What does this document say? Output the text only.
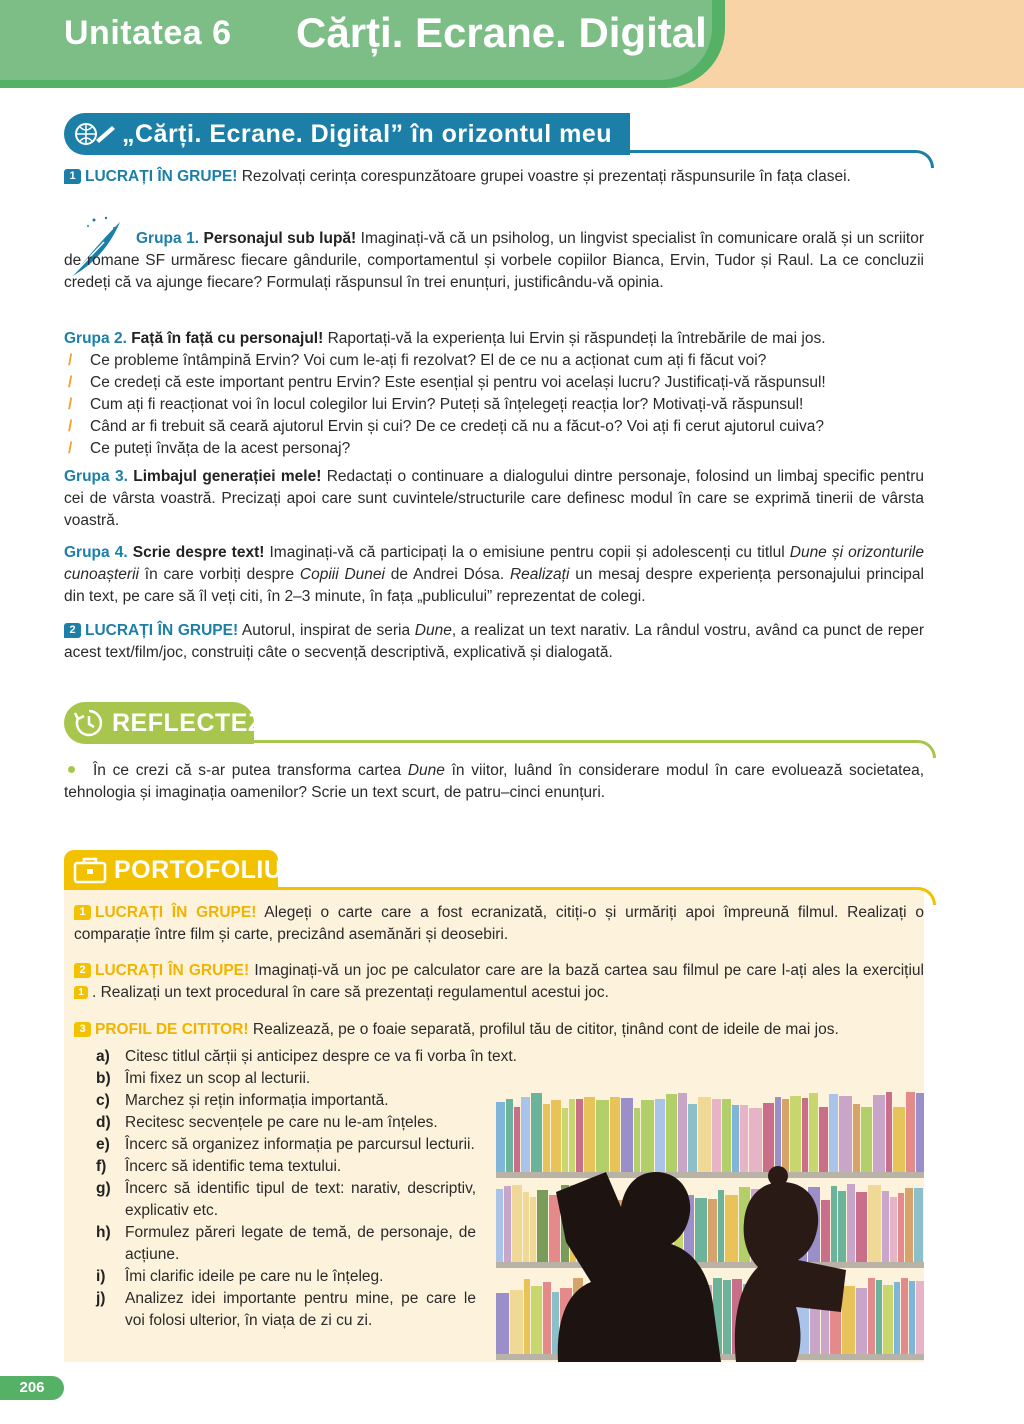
Unitatea 6 Cărți. Ecrane. Digital
„Cărți. Ecrane. Digital” în orizontul meu
1 LUCRAȚI ÎN GRUPE! Rezolvați cerința corespunzătoare grupei voastre și prezentați răspunsurile în fața clasei.
Grupa 1. Personajul sub lupă! Imaginați-vă că un psiholog, un lingvist specialist în comunicare orală și un scriitor de romane SF urmăresc fiecare gândurile, comportamentul și vorbele copiilor Bianca, Ervin, Tudor și Raul. La ce concluzii credeți că va ajunge fiecare? Formulați răspunsul în trei enunțuri, justificându-vă opinia.
Grupa 2. Față în față cu personajul! Raportați-vă la experiența lui Ervin și răspundeți la întrebările de mai jos.
/ Ce probleme întâmpină Ervin? Voi cum le-ați fi rezolvat? El de ce nu a acționat cum ați fi făcut voi?
/ Ce credeți că este important pentru Ervin? Este esențial și pentru voi același lucru? Justificați-vă răspunsul!
/ Cum ați fi reacționat voi în locul colegilor lui Ervin? Puteți să înțelegeți reacția lor? Motivați-vă răspunsul!
/ Când ar fi trebuit să ceară ajutorul Ervin și cui? De ce credeți că nu a făcut-o? Voi ați fi cerut ajutorul cuiva?
/ Ce puteți învăța de la acest personaj?
Grupa 3. Limbajul generației mele! Redactați o continuare a dialogului dintre personaje, folosind un limbaj specific pentru cei de vârsta voastră. Precizați apoi care sunt cuvintele/structurile care definesc modul în care se exprimă tinerii de vârsta voastră.
Grupa 4. Scrie despre text! Imaginați-vă că participați la o emisiune pentru copii și adolescenți cu titlul Dune și orizonturile cunoașterii în care vorbiți despre Copiii Dunei de Andrei Dósa. Realizați un mesaj despre experiența personajului principal din text, pe care să îl veți citi, în 2–3 minute, în fața „publicului” reprezentat de colegi.
2 LUCRAȚI ÎN GRUPE! Autorul, inspirat de seria Dune, a realizat un text narativ. La rândul vostru, având ca punct de reper acest text/film/joc, construiți câte o secvență descriptivă, explicativă și dialogată.
REFLECTEZ
În ce crezi că s-ar putea transforma cartea Dune în viitor, luând în considerare modul în care evoluează societatea, tehnologia și imaginația oamenilor? Scrie un text scurt, de patru–cinci enunțuri.
PORTOFOLIU
1 LUCRAȚI ÎN GRUPE! Alegeți o carte care a fost ecranizată, citiți-o și urmăriți apoi împreună filmul. Realizați o comparație între film și carte, precizând asemănări și deosebiri.
2 LUCRAȚI ÎN GRUPE! Imaginați-vă un joc pe calculator care are la bază cartea sau filmul pe care l-ați ales la exercițiul 1 . Realizați un text procedural în care să prezentați regulamentul acestui joc.
3 PROFIL DE CITITOR! Realizează, pe o foaie separată, profilul tău de cititor, ținând cont de ideile de mai jos.
a) Citesc titlul cărții și anticipez despre ce va fi vorba în text.
b) Îmi fixez un scop al lecturii.
c) Marchez și rețin informația importantă.
d) Recitesc secvențele pe care nu le-am înțeles.
e) Încerc să organizez informația pe parcursul lecturii.
f)	Încerc să identific tema textului.
g) Încerc să identific tipul de text: narativ, descriptiv, explicativ etc.
h) Formulez păreri legate de temă, de personaje, de acțiune.
i)	Îmi clarific ideile pe care nu le înțeleg.
j)	Analizez idei importante pentru mine, pe care le voi folosi ulterior, în viața de zi cu zi.
206
